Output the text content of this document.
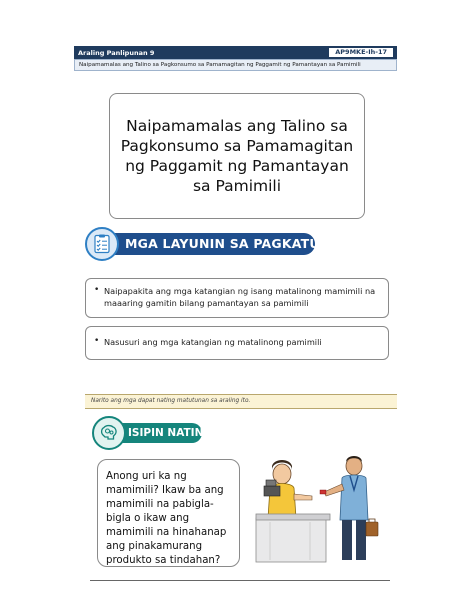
Araling Panlipunan 9	AP9MKE-Ih-17
Naipamamalas ang Talino sa Pagkonsumo sa Pamamagitan ng Paggamit ng Pamantayan sa Pamimili
Naipamamalas ang Talino sa Pagkonsumo sa Pamamagitan ng Paggamit ng Pamantayan sa Pamimili
MGA LAYUNIN SA PAGKATUTO
• Naipapakita ang mga katangian ng isang matalinong mamimili na maaaring gamitin bilang pamantayan sa pamimili
• Nasusuri ang mga katangian ng matalinong pamimili
Narito ang mga dapat nating matutunan sa araling ito.
ISIPIN NATIN!
Anong uri ka ng mamimili? Ikaw ba ang mamimili na pabigla-bigla o ikaw ang mamimili na hinahanap ang pinakamurang produkto sa tindahan?
